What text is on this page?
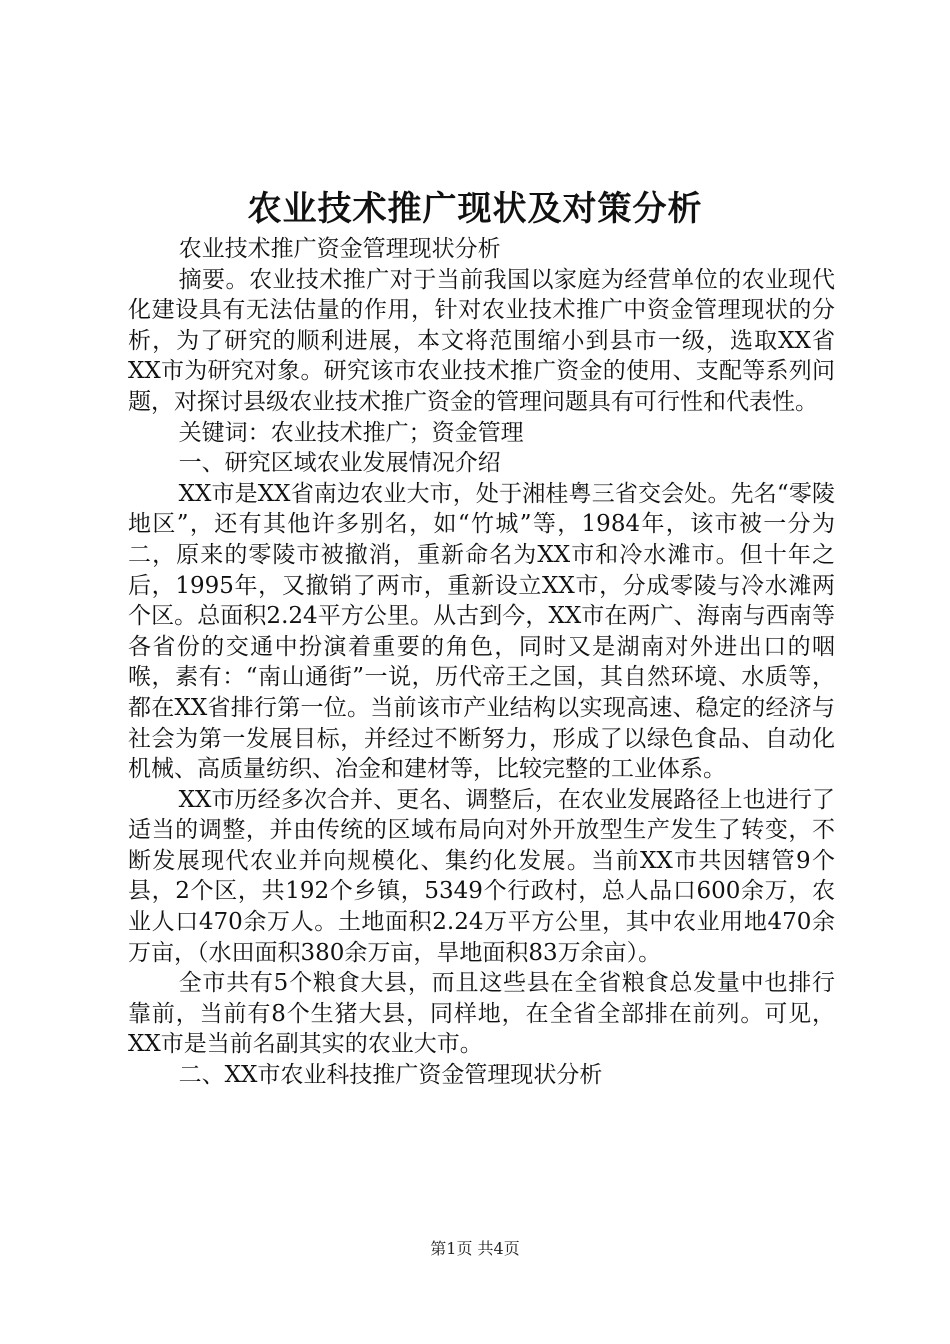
农业技术推广现状及对策分析

农业技术推广资金管理现状分析

摘要。农业技术推广对于当前我国以家庭为经营单位的农业现代化建设具有无法估量的作用，针对农业技术推广中资金管理现状的分析，为了研究的顺利进展，本文将范围缩小到县市一级，选取XX省XX市为研究对象。研究该市农业技术推广资金的使用、支配等系列问题，对探讨县级农业技术推广资金的管理问题具有可行性和代表性。

关键词：农业技术推广；资金管理

一、研究区域农业发展情况介绍

XX市是XX省南边农业大市，处于湘桂粤三省交会处。先名“零陵地区”，还有其他许多别名，如“竹城”等，1984年，该市被一分为二，原来的零陵市被撤消，重新命名为XX市和冷水滩市。但十年之后，1995年，又撤销了两市，重新设立XX市，分成零陵与冷水滩两个区。总面积2.24平方公里。从古到今，XX市在两广、海南与西南等各省份的交通中扮演着重要的角色，同时又是湖南对外进出口的咽喉，素有：“南山通街”一说，历代帝王之国，其自然环境、水质等，都在XX省排行第一位。当前该市产业结构以实现高速、稳定的经济与社会为第一发展目标，并经过不断努力，形成了以绿色食品、自动化机械、高质量纺织、冶金和建材等，比较完整的工业体系。

XX市历经多次合并、更名、调整后，在农业发展路径上也进行了适当的调整，并由传统的区域布局向对外开放型生产发生了转变，不断发展现代农业并向规模化、集约化发展。当前XX市共因辖管9个县，2个区，共192个乡镇，5349个行政村，总人品口600余万，农业人口470余万人。土地面积2.24万平方公里，其中农业用地470余万亩，（水田面积380余万亩，旱地面积83万余亩）。

全市共有5个粮食大县，而且这些县在全省粮食总发量中也排行靠前，当前有8个生猪大县，同样地，在全省全部排在前列。可见，XX市是当前名副其实的农业大市。

二、XX市农业科技推广资金管理现状分析

第1页 共4页
